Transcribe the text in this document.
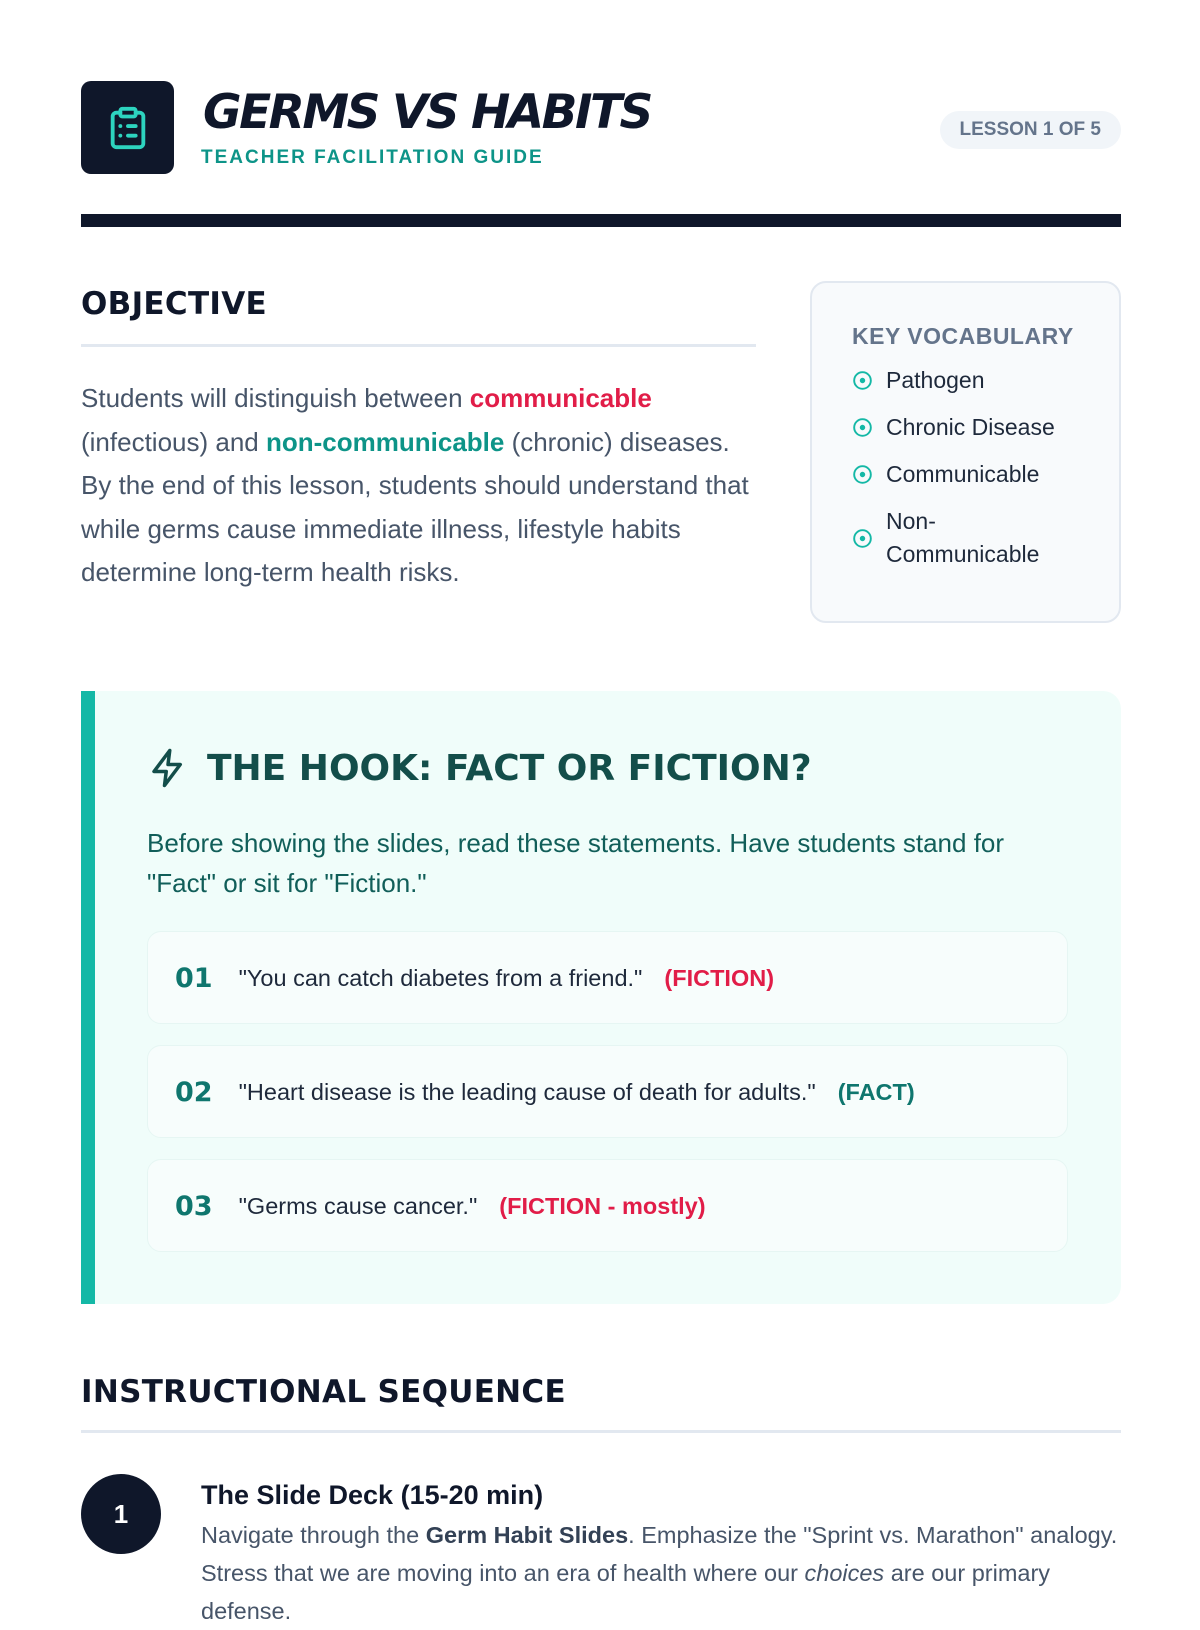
GERMS VS HABITS
TEACHER FACILITATION GUIDE
LESSON 1 OF 5
OBJECTIVE

Students will distinguish between communicable (infectious) and non-communicable (chronic) diseases. By the end of this lesson, students should understand that while germs cause immediate illness, lifestyle habits determine long-term health risks.

KEY VOCABULARY
Pathogen
Chronic Disease
Communicable
Non-Communicable
THE HOOK: FACT OR FICTION?
Before showing the slides, read these statements. Have students stand for "Fact" or sit for "Fiction."
01 "You can catch diabetes from a friend." (FICTION)
02 "Heart disease is the leading cause of death for adults." (FACT)
03 "Germs cause cancer." (FICTION - mostly)
INSTRUCTIONAL SEQUENCE
1
The Slide Deck (15-20 min)
Navigate through the Germ Habit Slides. Emphasize the "Sprint vs. Marathon" analogy. Stress that we are moving into an era of health where our choices are our primary defense.
